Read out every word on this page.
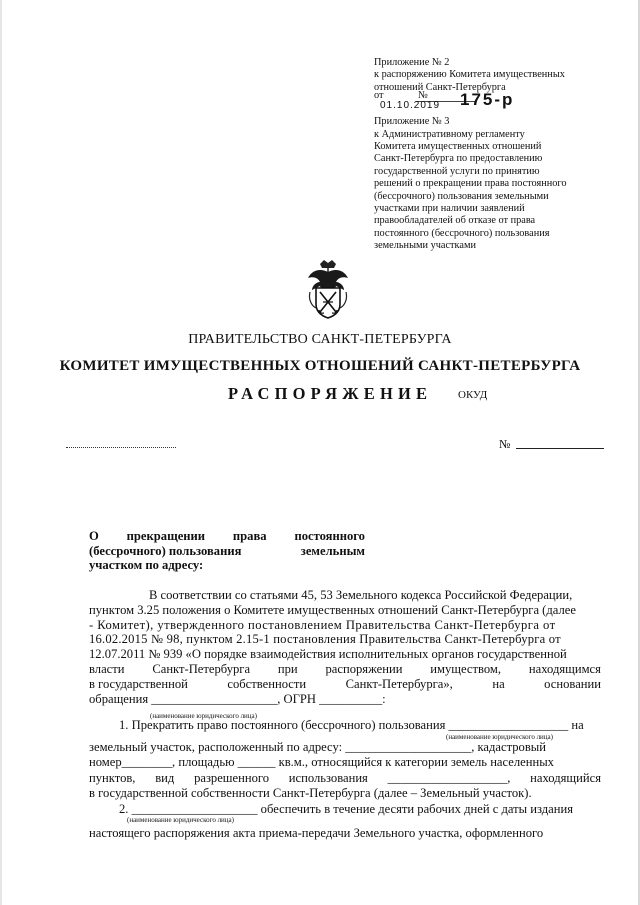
Приложение № 2
к распоряжению Комитета имущественных
отношений Санкт-Петербурга
от	№
01.10.2019 175-р
Приложение № 3
к Административному регламенту
Комитета имущественных отношений
Санкт-Петербурга по предоставлению
государственной услуги по принятию
решений о прекращении права постоянного
(бессрочного) пользования земельными
участками при наличии заявлений
правообладателей об отказе от права
постоянного (бессрочного) пользования
земельными участками
ПРАВИТЕЛЬСТВО САНКТ-ПЕТЕРБУРГА
КОМИТЕТ ИМУЩЕСТВЕННЫХ ОТНОШЕНИЙ САНКТ-ПЕТЕРБУРГА
РАСПОРЯЖЕНИЕ ОКУД
№
О прекращении права постоянного
(бессрочного) пользования	земельным
участком по адресу:
В соответствии со статьями 45, 53 Земельного кодекса Российской Федерации,
пунктом 3.25 положения о Комитете имущественных отношений Санкт-Петербурга (далее
- Комитет), утвержденного постановлением Правительства Санкт-Петербурга от
16.02.2015 № 98, пунктом 2.15-1 постановления Правительства Санкт-Петербурга от
12.07.2011 № 939 «О порядке взаимодействия исполнительных органов государственной
власти Санкт-Петербурга при распоряжении имуществом, находящимся
в государственной	собственности	Санкт-Петербурга»,	на	основании
обращения ____________________, ОГРН __________:
(наименование юридического лица)
1. Прекратить право постоянного (бессрочного) пользования ___________________ на
(наименование юридического лица)
земельный участок, расположенный по адресу: ____________________, кадастровый
номер________, площадью ______ кв.м., относящийся к категории земель населенных
пунктов, вид разрешенного использования ___________________, находящийся
в государственной собственности Санкт-Петербурга (далее – Земельный участок).
2. ____________________ обеспечить в течение десяти рабочих дней с даты издания
(наименование юридического лица)
настоящего распоряжения акта приема-передачи Земельного участка, оформленного
